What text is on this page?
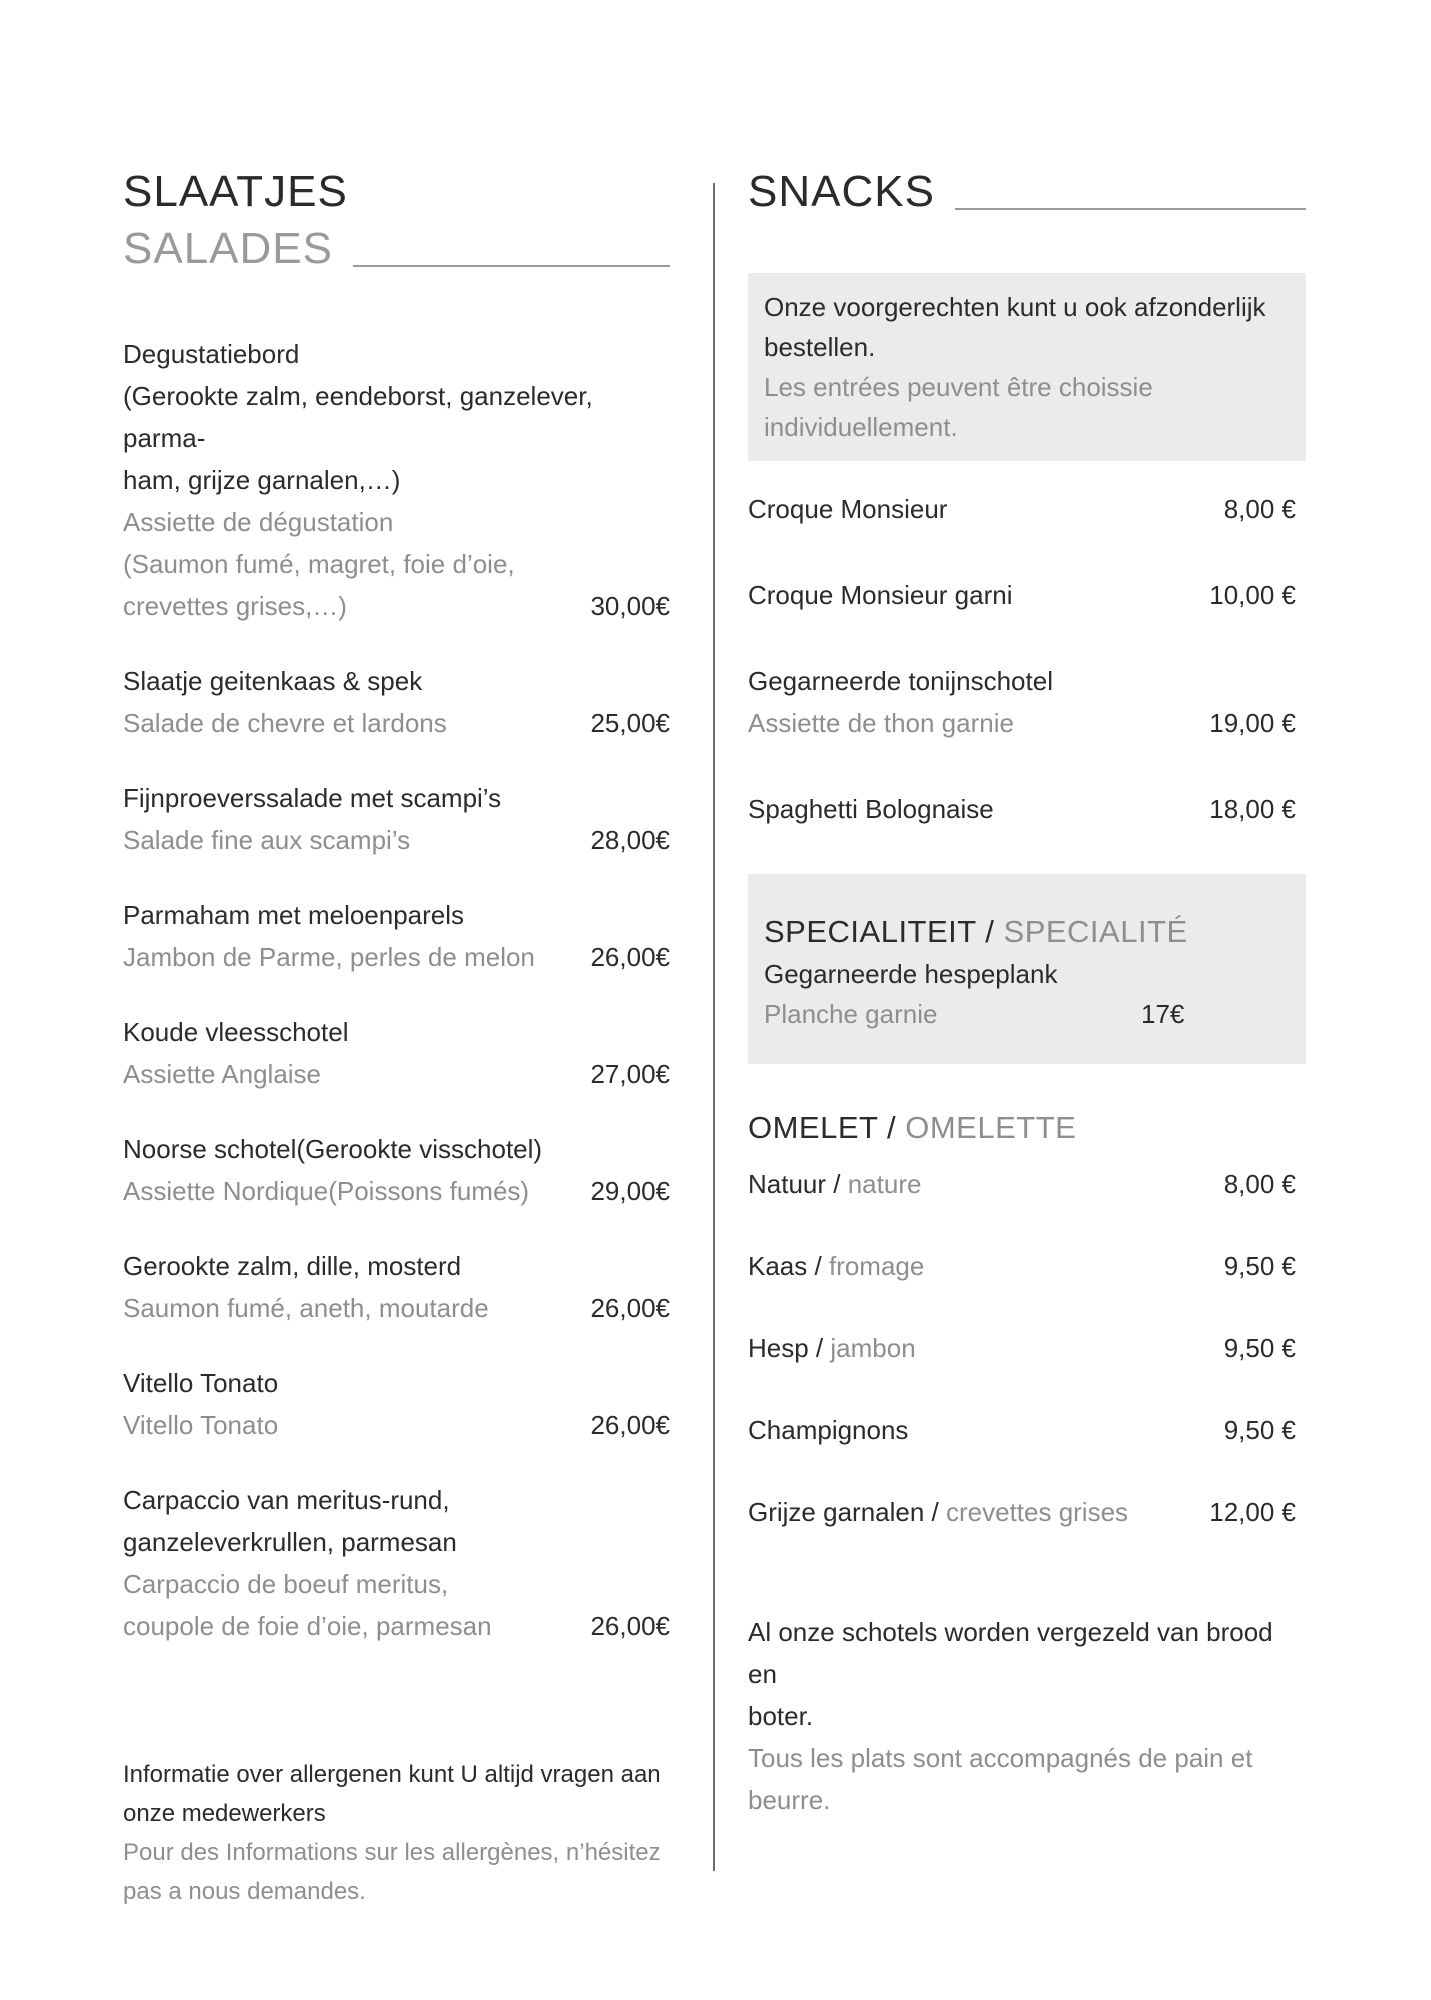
SLAATJES
SALADES
Degustatiebord
(Gerookte zalm, eendeborst, ganzelever, parma-
ham, grijze garnalen,…)
Assiette de dégustation
(Saumon fumé, magret, foie d’oie,
crevettes grises,…)	30,00€
Slaatje geitenkaas & spek
Salade de chevre et lardons	25,00€
Fijnproeverssalade met scampi’s
Salade fine aux scampi’s	28,00€
Parmaham met meloenparels
Jambon de Parme, perles de melon	26,00€
Koude vleesschotel
Assiette Anglaise	27,00€
Noorse schotel(Gerookte visschotel)
Assiette Nordique(Poissons fumés)	29,00€
Gerookte zalm, dille, mosterd
Saumon fumé, aneth, moutarde	26,00€
Vitello Tonato
Vitello Tonato	26,00€
Carpaccio van meritus-rund,
ganzeleverkrullen, parmesan
Carpaccio de boeuf meritus,
coupole de foie d’oie, parmesan	26,00€
Informatie over allergenen kunt U altijd vragen aan
onze medewerkers
Pour des Informations sur les allergènes, n’hésitez
pas a nous demandes.
SNACKS
Onze voorgerechten kunt u ook afzonderlijk
bestellen.
Les entrées peuvent être choissie
individuellement.
Croque Monsieur	8,00 €
Croque Monsieur garni	10,00 €
Gegarneerde tonijnschotel
Assiette de thon garnie	19,00 €
Spaghetti Bolognaise	18,00 €
SPECIALITEIT / SPECIALITÉ
Gegarneerde hespeplank
Planche garnie	17€
OMELET / OMELETTE
Natuur / nature	8,00 €
Kaas / fromage	9,50 €
Hesp / jambon	9,50 €
Champignons	9,50 €
Grijze garnalen / crevettes grises	12,00 €
Al onze schotels worden vergezeld van brood en
boter.
Tous les plats sont accompagnés de pain et
beurre.
